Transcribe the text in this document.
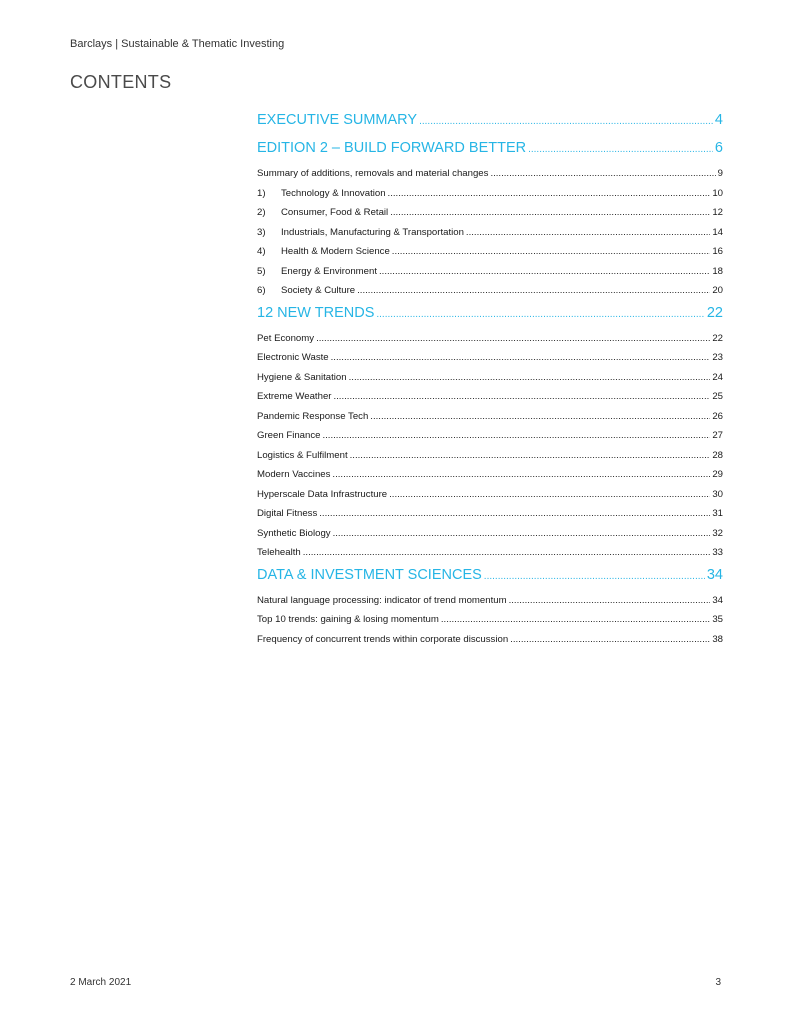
Barclays | Sustainable & Thematic Investing
CONTENTS
EXECUTIVE SUMMARY .....	4
EDITION 2 – BUILD FORWARD BETTER .....	6
Summary of additions, removals and material changes .....	9
1)	Technology & Innovation .....	10
2)	Consumer, Food & Retail .....	12
3)	Industrials, Manufacturing & Transportation .....	14
4)	Health & Modern Science .....	16
5)	Energy & Environment .....	18
6)	Society & Culture .....	20
12 NEW TRENDS .....	22
Pet Economy .....	22
Electronic Waste .....	23
Hygiene & Sanitation .....	24
Extreme Weather .....	25
Pandemic Response Tech .....	26
Green Finance .....	27
Logistics & Fulfilment .....	28
Modern Vaccines .....	29
Hyperscale Data Infrastructure .....	30
Digital Fitness .....	31
Synthetic Biology .....	32
Telehealth .....	33
DATA & INVESTMENT SCIENCES .....	34
Natural language processing: indicator of trend momentum .....	34
Top 10 trends: gaining & losing momentum .....	35
Frequency of concurrent trends within corporate discussion .....	38
2 March 2021	3
